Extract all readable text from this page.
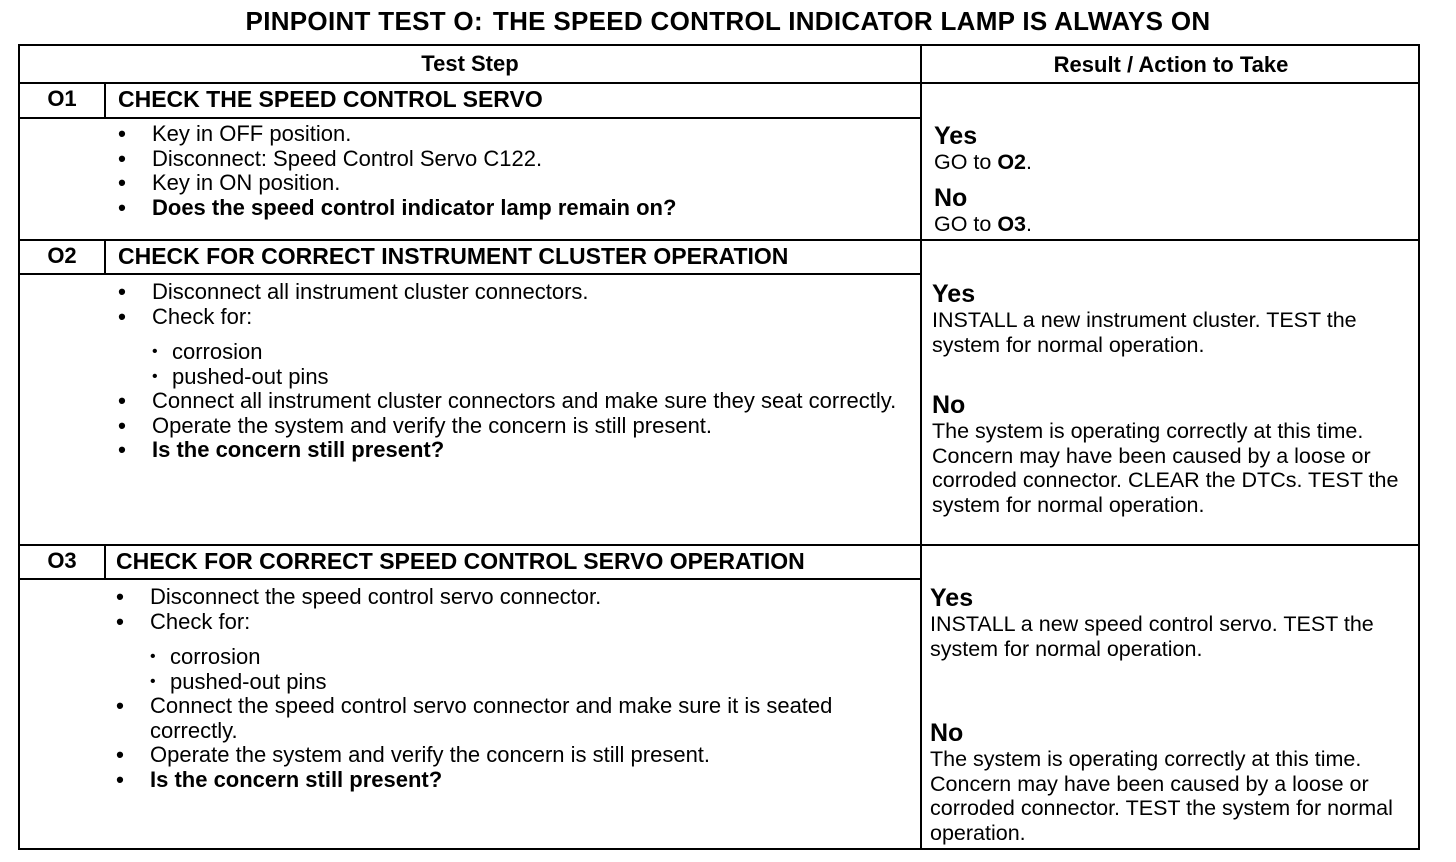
PINPOINT TEST O: THE SPEED CONTROL INDICATOR LAMP IS ALWAYS ON
Test Step	Result / Action to Take
O1	CHECK THE SPEED CONTROL SERVO
• Key in OFF position.
• Disconnect: Speed Control Servo C122.
• Key in ON position.
• Does the speed control indicator lamp remain on?
Yes
GO to O2.
No
GO to O3.
O2	CHECK FOR CORRECT INSTRUMENT CLUSTER OPERATION
• Disconnect all instrument cluster connectors.
• Check for:
• corrosion
• pushed-out pins
• Connect all instrument cluster connectors and make sure they seat correctly.
• Operate the system and verify the concern is still present.
• Is the concern still present?
Yes
INSTALL a new instrument cluster. TEST the system for normal operation.
No
The system is operating correctly at this time. Concern may have been caused by a loose or corroded connector. CLEAR the DTCs. TEST the system for normal operation.
O3	CHECK FOR CORRECT SPEED CONTROL SERVO OPERATION
• Disconnect the speed control servo connector.
• Check for:
• corrosion
• pushed-out pins
• Connect the speed control servo connector and make sure it is seated correctly.
• Operate the system and verify the concern is still present.
• Is the concern still present?
Yes
INSTALL a new speed control servo. TEST the system for normal operation.
No
The system is operating correctly at this time. Concern may have been caused by a loose or corroded connector. TEST the system for normal operation.
